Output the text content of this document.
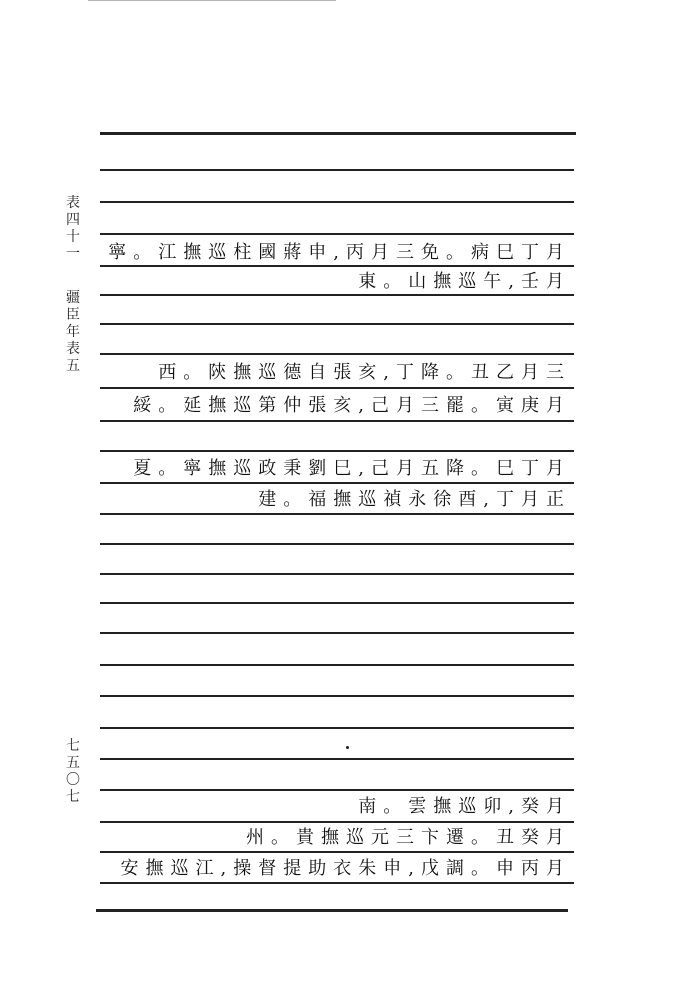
表
四
十
一
疆
臣
年
表
五
七
五
〇
七
寧。江撫巡柱國蔣申,丙月三免。病巳丁月
東。山撫巡午,壬月
西。陝撫巡德自張亥,丁降。丑乙月三
綏。延撫巡第仲張亥,己月三罷。寅庚月
夏。寧撫巡政秉劉巳,己月五降。巳丁月
建。福撫巡禎永徐酉,丁月正
南。雲撫巡卯,癸月
州。貴撫巡元三卞遷。丑癸月
安撫巡江,操督提助衣朱申,戊調。申丙月
